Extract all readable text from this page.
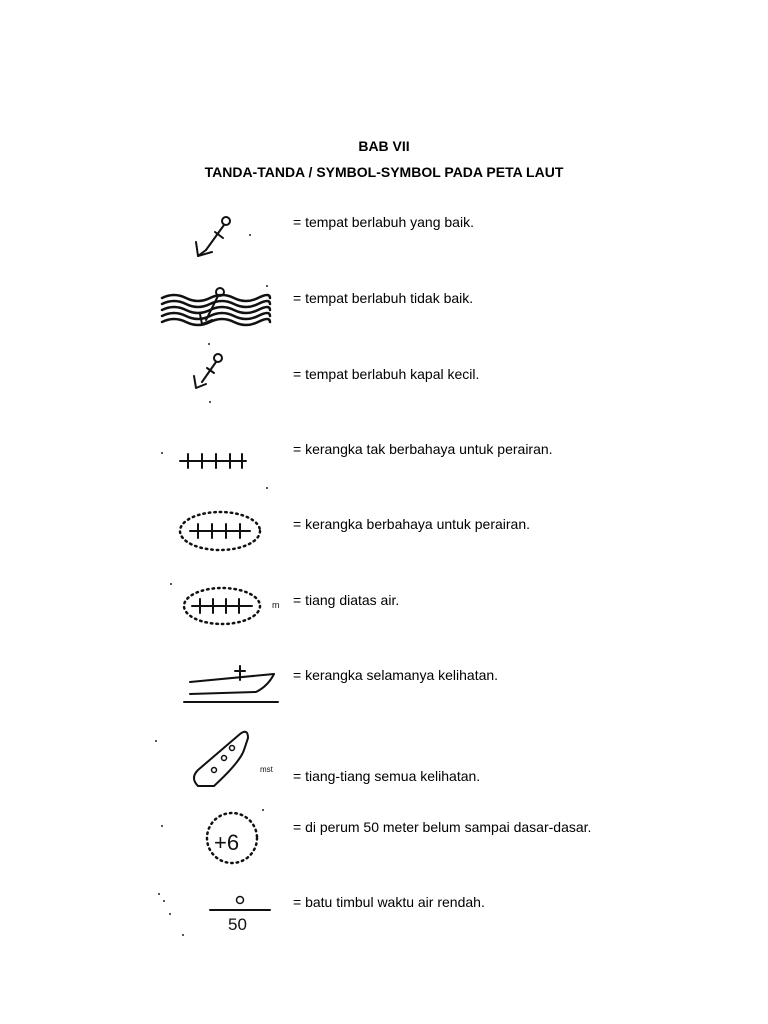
BAB VII
TANDA-TANDA / SYMBOL-SYMBOL PADA PETA LAUT
= tempat berlabuh yang baik.
= tempat berlabuh tidak baik.
= tempat berlabuh kapal kecil.
= kerangka tak berbahaya untuk perairan.
= kerangka berbahaya untuk perairan.
m = tiang diatas air.
= kerangka selamanya kelihatan.
mst = tiang-tiang semua kelihatan.
+6
= di perum 50 meter belum sampai dasar-dasar.
50
= batu timbul waktu air rendah.
